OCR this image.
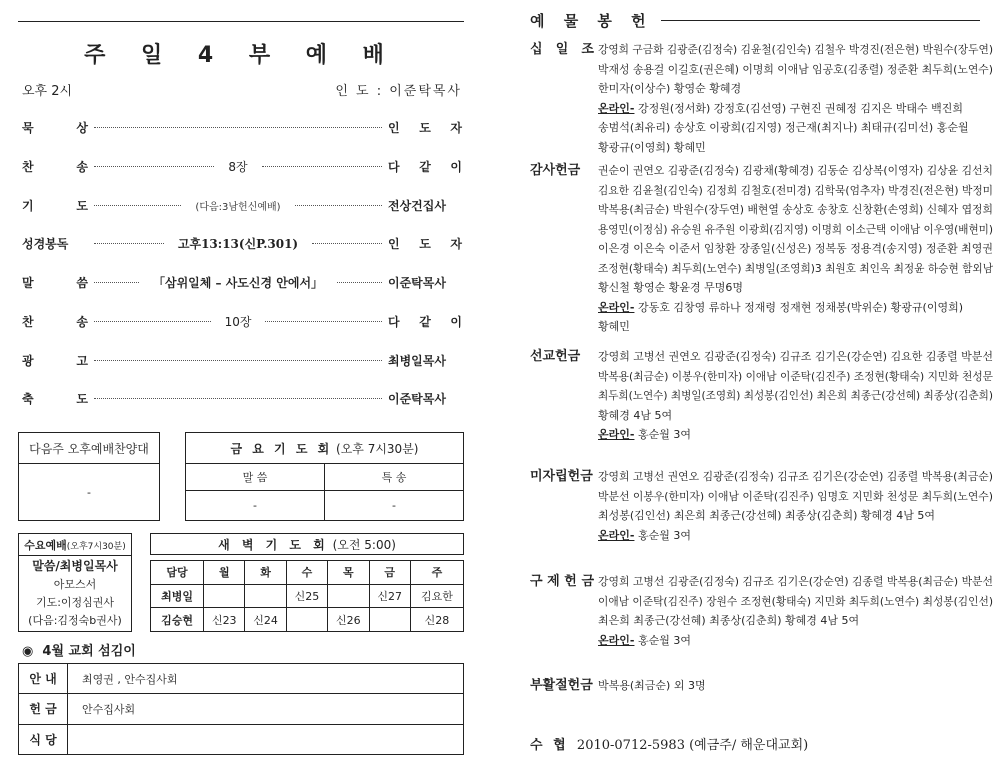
주 일 4 부 예 배
오후 2시	인 도 : 이준탁목사
묵 상	인 도 자
찬 송	8장	다 같 이
기 도	(다음:3남헌신예배)	전상건집사
성경봉독	고후13:13(신P.301)	인 도 자
말 씀	「삼위일체 – 사도신경 안에서」	이준탁목사
찬 송	10장	다 같 이
광 고	최병일목사
축 도	이준탁목사
다음주 오후예배찬양대
-
금 요 기 도 회 (오후 7시30분)	
말 씀	특 송
-	-
수요예배(오후7시30분)
말씀/최병일목사
아모스서
기도:이정심권사
(다음:김정숙b권사)
새 벽 기 도 회 (오전 5:00)
담당	월	화	수	목	금	주
최병일			신25		신27	김요한
김승현	신23	신24		신26		신28
◉ 4월 교회 섬김이
안 내	최영권 , 안수집사회
헌 금	안수집사회
식 당	
예 물 봉 헌
십 일 조 강영희 구금화 김광준(김정숙) 김윤철(김인숙) 김철우 박경진(전은현) 박원수(장두연)
박재성 송용걸 이길호(권은혜) 이명희 이애남 임공호(김종렬) 정준환 최두희(노연수)
한미자(이상수) 황영순 황혜경
온라인- 강정원(정서화) 강정호(김선영) 구현진 권혜정 김지은 박태수 백진희
송범석(최유리) 송상호 이광희(김지영) 정근재(최지나) 최태규(김미선) 홍순월
황광규(이영희) 황혜민
감사헌금	권순이 권연오 김광준(김정숙) 김광채(황혜경) 김동순 김상복(이영자) 김상윤 김선치
김요한 김윤철(김인숙) 김정희 김철호(전미경) 김학묵(엄추자) 박경진(전은현) 박정미
박복용(최금순) 박원수(장두연) 배현열 송상호 송창호 신창환(손영희) 신혜자 엽정희
용영민(이정심) 유승원 유주원 이광희(김지영) 이명희 이소근택 이애남 이우영(배현미)
이은경 이은숙 이준서 임창환 장종일(신성은) 정복동 정용격(송지영) 정준환 최영권
조정현(황태숙) 최두희(노연수) 최병일(조영희)3 최원호 최인옥 최정윤 하승현 함외남
황신철 황영순 황윤경 무명6명
온라인- 강동호 김창영 류하나 정재령 정재현 정채봉(박위순) 황광규(이영희)
황혜민
선교헌금	강영희 고병선 권연오 김광준(김정숙) 김규조 김기은(강순연) 김요한 김종렬 박분선
박복용(최금순) 이봉우(한미자) 이애남 이준탁(김진주) 조정현(황태숙) 지민화 천성문
최두희(노연수) 최병일(조영희) 최성봉(김인선) 최은희 최종근(강선혜) 최종상(김춘희)
황혜경 4남 5여
온라인- 홍순월 3여
미자립헌금 강영희 고병선 권연오 김광준(김정숙) 김규조 김기은(강순연) 김종렬 박복용(최금순)
박분선 이봉우(한미자) 이애남 이준탁(김진주) 임명호 지민화 천성문 최두희(노연수)
최성봉(김인선) 최은희 최종근(강선혜) 최종상(김춘희) 황혜경 4남 5여
온라인- 홍순월 3여
구 제 헌 금 강영희 고병선 김광준(김정숙) 김규조 김기은(강순연) 김종렬 박복용(최금순) 박분선
이애남 이준탁(김진주) 장원수 조정현(황태숙) 지민화 최두희(노연수) 최성봉(김인선)
최은희 최종근(강선혜) 최종상(김춘희) 황혜경 4남 5여
온라인- 홍순월 3여
부활절헌금 박복용(최금순) 외 3명
수 협 2010-0712-5983 (예금주/ 해운대교회)
